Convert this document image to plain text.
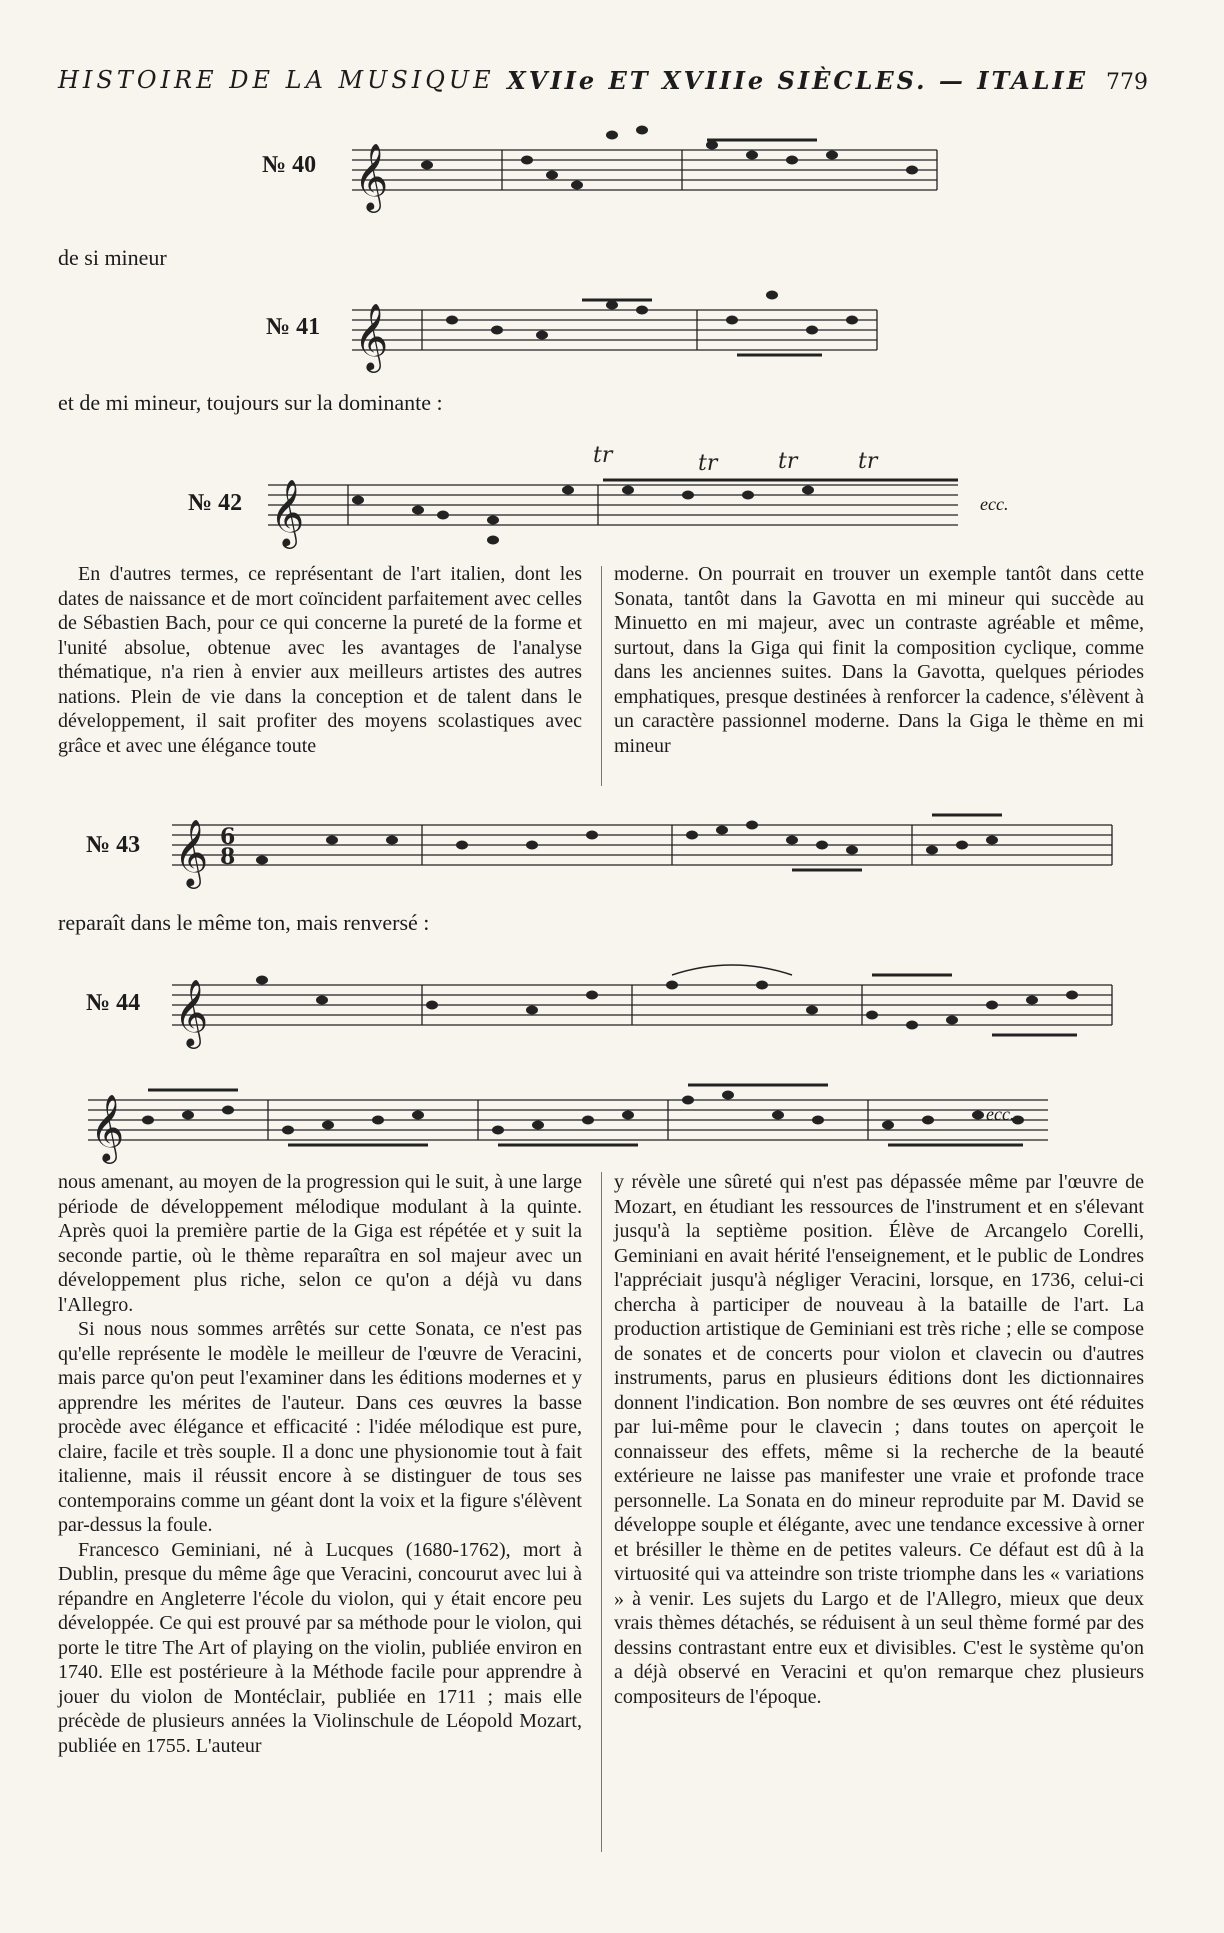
HISTOIRE DE LA MUSIQUE XVIIe ET XVIIIe SIÈCLES. — ITALIE 779
№ 40 𝄞
de si mineur
№ 41 𝄞
et de mi mineur, toujours sur la dominante :
№ 42 𝄞
tr	tr	tr	tr
ecc.

En d'autres termes, ce représentant de l'art italien, dont les dates de naissance et de mort coïncident parfaitement avec celles de Sébastien Bach, pour ce qui concerne la pureté de la forme et l'unité absolue, obtenue avec les avantages de l'analyse thématique, n'a rien à envier aux meilleurs artistes des autres nations. Plein de vie dans la conception et de talent dans le développement, il sait profiter des moyens scolastiques avec grâce et avec une élégance toute

moderne. On pourrait en trouver un exemple tantôt dans cette Sonata, tantôt dans la Gavotta en mi mineur qui succède au Minuetto en mi majeur, avec un contraste agréable et même, surtout, dans la Giga qui finit la composition cyclique, comme dans les anciennes suites. Dans la Gavotta, quelques périodes emphatiques, presque destinées à renforcer la cadence, s'élèvent à un caractère passionnel moderne. Dans la Giga le thème en mi mineur

№ 43 𝄞 6
8
reparaît dans le même ton, mais renversé :
№ 44 𝄞
𝄞	ecc.

nous amenant, au moyen de la progression qui le suit, à une large période de développement mélodique modulant à la quinte. Après quoi la première partie de la Giga est répétée et y suit la seconde partie, où le thème reparaîtra en sol majeur avec un développement plus riche, selon ce qu'on a déjà vu dans l'Allegro.

Si nous nous sommes arrêtés sur cette Sonata, ce n'est pas qu'elle représente le modèle le meilleur de l'œuvre de Veracini, mais parce qu'on peut l'examiner dans les éditions modernes et y apprendre les mérites de l'auteur. Dans ces œuvres la basse procède avec élégance et efficacité : l'idée mélodique est pure, claire, facile et très souple. Il a donc une physionomie tout à fait italienne, mais il réussit encore à se distinguer de tous ses contemporains comme un géant dont la voix et la figure s'élèvent par-dessus la foule.

Francesco Geminiani, né à Lucques (1680-1762), mort à Dublin, presque du même âge que Veracini, concourut avec lui à répandre en Angleterre l'école du violon, qui y était encore peu développée. Ce qui est prouvé par sa méthode pour le violon, qui porte le titre The Art of playing on the violin, publiée environ en 1740. Elle est postérieure à la Méthode facile pour apprendre à jouer du violon de Montéclair, publiée en 1711 ; mais elle précède de plusieurs années la Violinschule de Léopold Mozart, publiée en 1755. L'auteur

y révèle une sûreté qui n'est pas dépassée même par l'œuvre de Mozart, en étudiant les ressources de l'instrument et en s'élevant jusqu'à la septième position. Élève de Arcangelo Corelli, Geminiani en avait hérité l'enseignement, et le public de Londres l'appréciait jusqu'à négliger Veracini, lorsque, en 1736, celui-ci chercha à participer de nouveau à la bataille de l'art. La production artistique de Geminiani est très riche ; elle se compose de sonates et de concerts pour violon et clavecin ou d'autres instruments, parus en plusieurs éditions dont les dictionnaires donnent l'indication. Bon nombre de ses œuvres ont été réduites par lui-même pour le clavecin ; dans toutes on aperçoit le connaisseur des effets, même si la recherche de la beauté extérieure ne laisse pas manifester une vraie et profonde trace personnelle. La Sonata en do mineur reproduite par M. David se développe souple et élégante, avec une tendance excessive à orner et brésiller le thème en de petites valeurs. Ce défaut est dû à la virtuosité qui va atteindre son triste triomphe dans les « variations » à venir. Les sujets du Largo et de l'Allegro, mieux que deux vrais thèmes détachés, se réduisent à un seul thème formé par des dessins contrastant entre eux et divisibles. C'est le système qu'on a déjà observé en Veracini et qu'on remarque chez plusieurs compositeurs de l'époque.
